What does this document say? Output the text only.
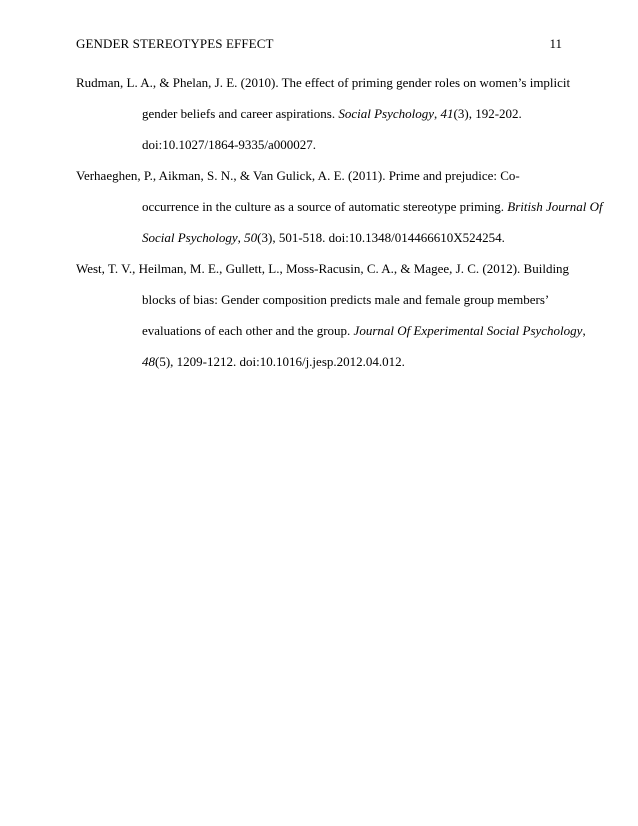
GENDER STEREOTYPES EFFECT	11

Rudman, L. A., & Phelan, J. E. (2010). The effect of priming gender roles on women’s implicit
gender beliefs and career aspirations. Social Psychology, 41(3), 192-202.
doi:10.1027/1864-9335/a000027.

Verhaeghen, P., Aikman, S. N., & Van Gulick, A. E. (2011). Prime and prejudice: Co-
occurrence in the culture as a source of automatic stereotype priming. British Journal Of
Social Psychology, 50(3), 501-518. doi:10.1348/014466610X524254.

West, T. V., Heilman, M. E., Gullett, L., Moss-Racusin, C. A., & Magee, J. C. (2012). Building
blocks of bias: Gender composition predicts male and female group members’
evaluations of each other and the group. Journal Of Experimental Social Psychology,
48(5), 1209-1212. doi:10.1016/j.jesp.2012.04.012.
